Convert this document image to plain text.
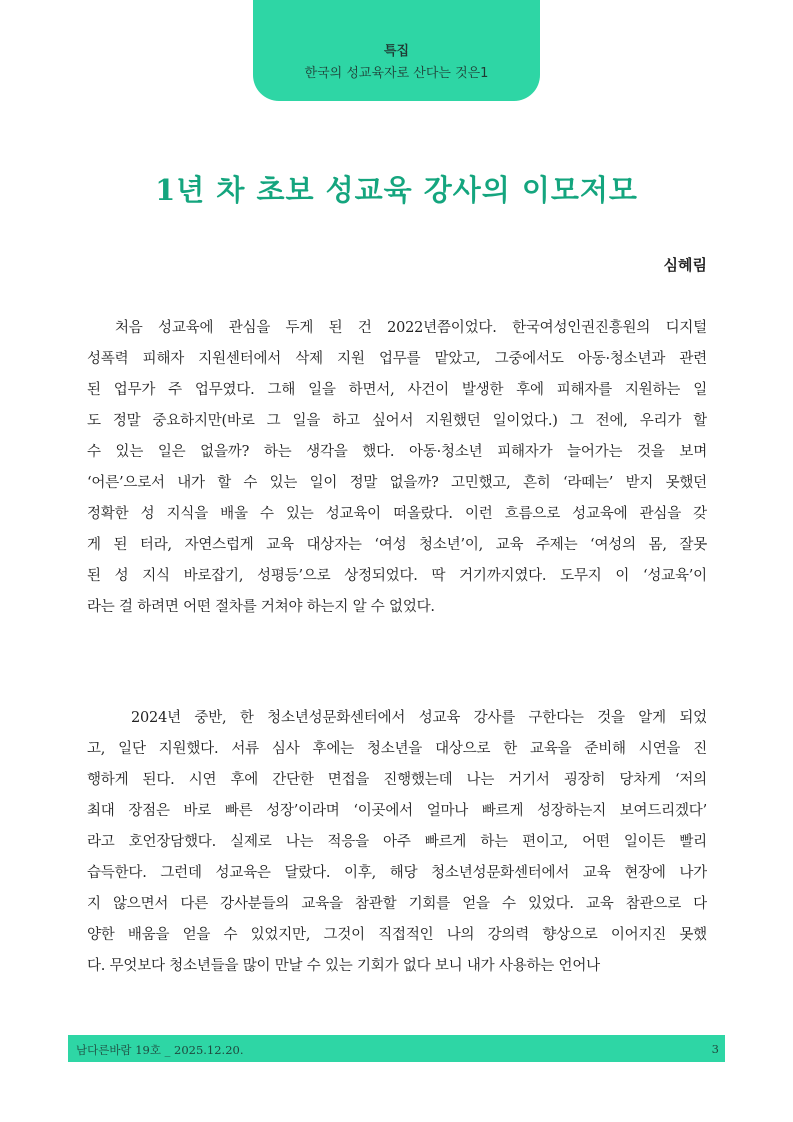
특집
한국의 성교육자로 산다는 것은1
1년 차 초보 성교육 강사의 이모저모
심혜림
처음 성교육에 관심을 두게 된 건 2022년쯤이었다. 한국여성인권진흥원의 디지털
성폭력 피해자 지원센터에서 삭제 지원 업무를 맡았고, 그중에서도 아동·청소년과 관련
된 업무가 주 업무였다. 그해 일을 하면서, 사건이 발생한 후에 피해자를 지원하는 일
도 정말 중요하지만(바로 그 일을 하고 싶어서 지원했던 일이었다.) 그 전에, 우리가 할
수 있는 일은 없을까? 하는 생각을 했다. 아동·청소년 피해자가 늘어가는 것을 보며
‘어른’으로서 내가 할 수 있는 일이 정말 없을까? 고민했고, 흔히 ‘라떼는’ 받지 못했던
정확한 성 지식을 배울 수 있는 성교육이 떠올랐다. 이런 흐름으로 성교육에 관심을 갖
게 된 터라, 자연스럽게 교육 대상자는 ‘여성 청소년’이, 교육 주제는 ‘여성의 몸, 잘못
된 성 지식 바로잡기, 성평등’으로 상정되었다. 딱 거기까지였다. 도무지 이 ‘성교육’이
라는 걸 하려면 어떤 절차를 거쳐야 하는지 알 수 없었다.
2024년 중반, 한 청소년성문화센터에서 성교육 강사를 구한다는 것을 알게 되었
고, 일단 지원했다. 서류 심사 후에는 청소년을 대상으로 한 교육을 준비해 시연을 진
행하게 된다. 시연 후에 간단한 면접을 진행했는데 나는 거기서 굉장히 당차게 ‘저의
최대 장점은 바로 빠른 성장’이라며 ‘이곳에서 얼마나 빠르게 성장하는지 보여드리겠다’
라고 호언장담했다. 실제로 나는 적응을 아주 빠르게 하는 편이고, 어떤 일이든 빨리
습득한다. 그런데 성교육은 달랐다. 이후, 해당 청소년성문화센터에서 교육 현장에 나가
지 않으면서 다른 강사분들의 교육을 참관할 기회를 얻을 수 있었다. 교육 참관으로 다
양한 배움을 얻을 수 있었지만, 그것이 직접적인 나의 강의력 향상으로 이어지진 못했
다. 무엇보다 청소년들을 많이 만날 수 있는 기회가 없다 보니 내가 사용하는 언어나
남다른바람 19호 _ 2025.12.20.	3
